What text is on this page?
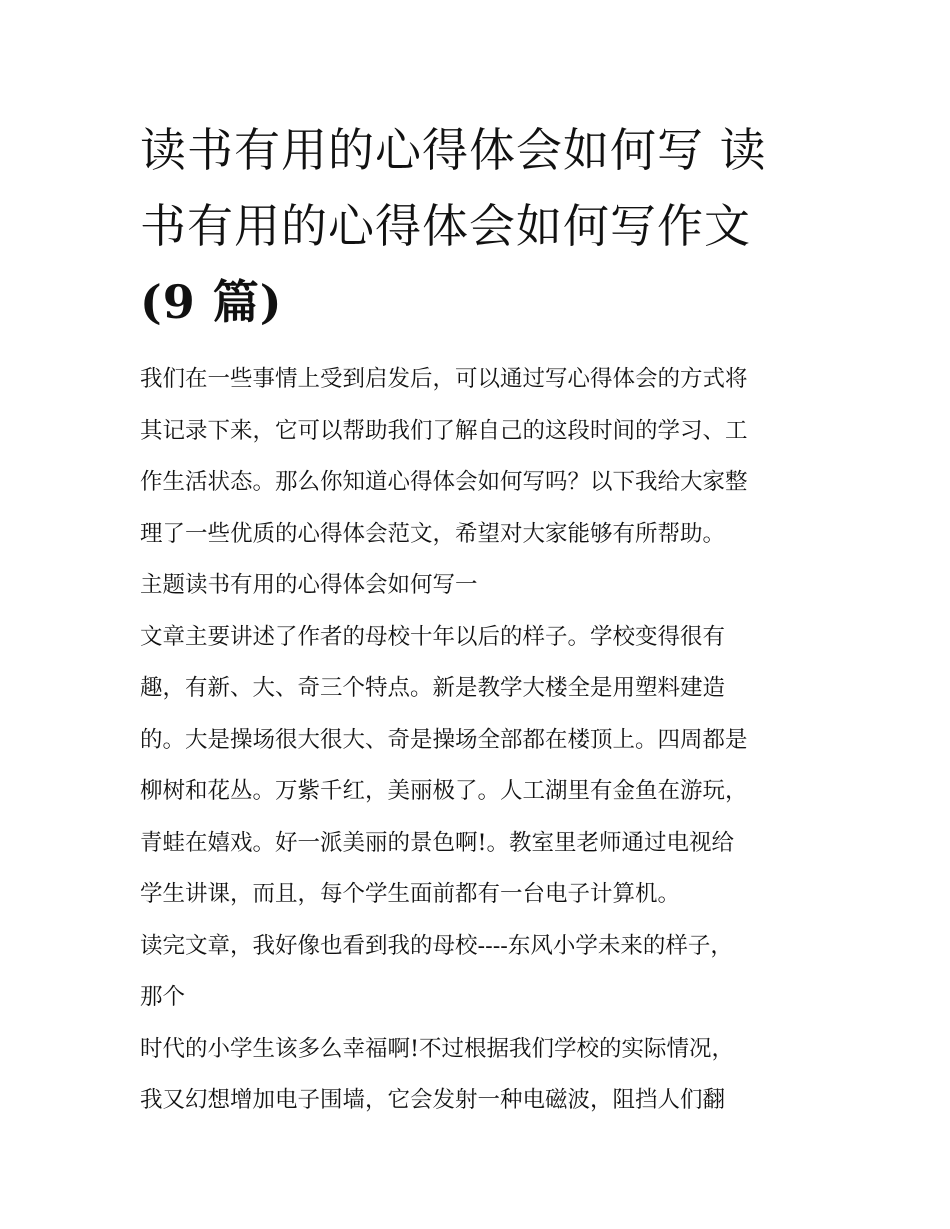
读书有用的心得体会如何写 读
书有用的心得体会如何写作文
(9 篇)
我们在一些事情上受到启发后，可以通过写心得体会的方式将
其记录下来，它可以帮助我们了解自己的这段时间的学习、工
作生活状态。那么你知道心得体会如何写吗？以下我给大家整
理了一些优质的心得体会范文，希望对大家能够有所帮助。
主题读书有用的心得体会如何写一
文章主要讲述了作者的母校十年以后的样子。学校变得很有
趣，有新、大、奇三个特点。新是教学大楼全是用塑料建造
的。大是操场很大很大、奇是操场全部都在楼顶上。四周都是
柳树和花丛。万紫千红，美丽极了。人工湖里有金鱼在游玩，
青蛙在嬉戏。好一派美丽的景色啊!。教室里老师通过电视给
学生讲课，而且，每个学生面前都有一台电子计算机。
读完文章，我好像也看到我的母校----东风小学未来的样子，
那个
时代的小学生该多么幸福啊!不过根据我们学校的实际情况，
我又幻想增加电子围墙，它会发射一种电磁波，阻挡人们翻
